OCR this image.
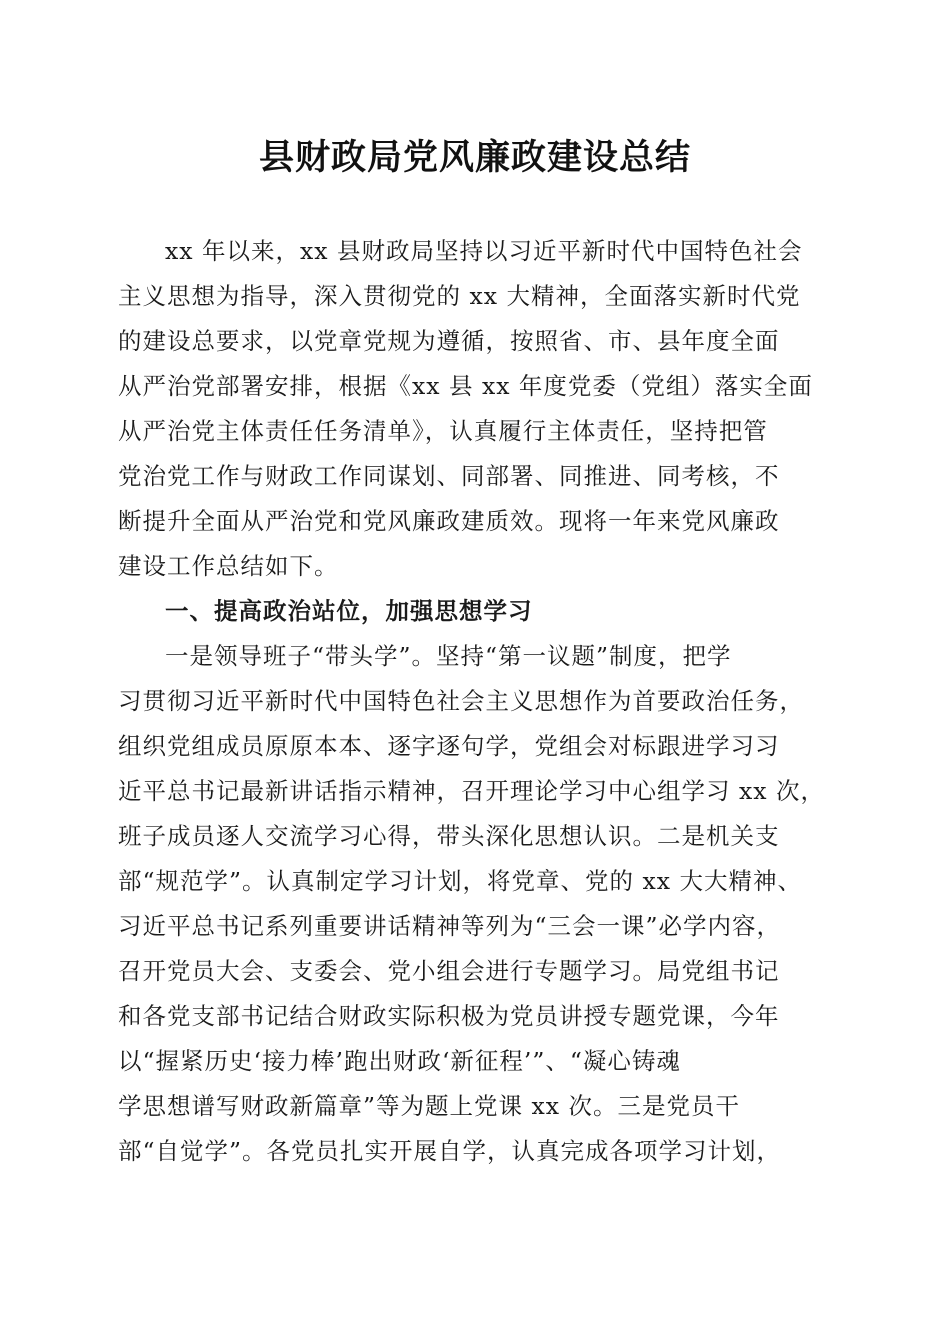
县财政局党风廉政建设总结
xx 年以来，xx 县财政局坚持以习近平新时代中国特色社会
主义思想为指导，深入贯彻党的 xx 大精神，全面落实新时代党
的建设总要求，以党章党规为遵循，按照省、市、县年度全面
从严治党部署安排，根据《xx 县 xx 年度党委（党组）落实全面
从严治党主体责任任务清单》，认真履行主体责任，坚持把管
党治党工作与财政工作同谋划、同部署、同推进、同考核，不
断提升全面从严治党和党风廉政建质效。现将一年来党风廉政
建设工作总结如下。
一、提高政治站位，加强思想学习
一是领导班子“带头学”。坚持“第一议题”制度，把学
习贯彻习近平新时代中国特色社会主义思想作为首要政治任务，
组织党组成员原原本本、逐字逐句学，党组会对标跟进学习习
近平总书记最新讲话指示精神，召开理论学习中心组学习 xx 次，
班子成员逐人交流学习心得，带头深化思想认识。二是机关支
部“规范学”。认真制定学习计划，将党章、党的 xx 大大精神、
习近平总书记系列重要讲话精神等列为“三会一课”必学内容，
召开党员大会、支委会、党小组会进行专题学习。局党组书记
和各党支部书记结合财政实际积极为党员讲授专题党课，今年
以“握紧历史‘接力棒’跑出财政‘新征程’”、“凝心铸魂
学思想谱写财政新篇章”等为题上党课 xx 次。三是党员干
部“自觉学”。各党员扎实开展自学，认真完成各项学习计划，
